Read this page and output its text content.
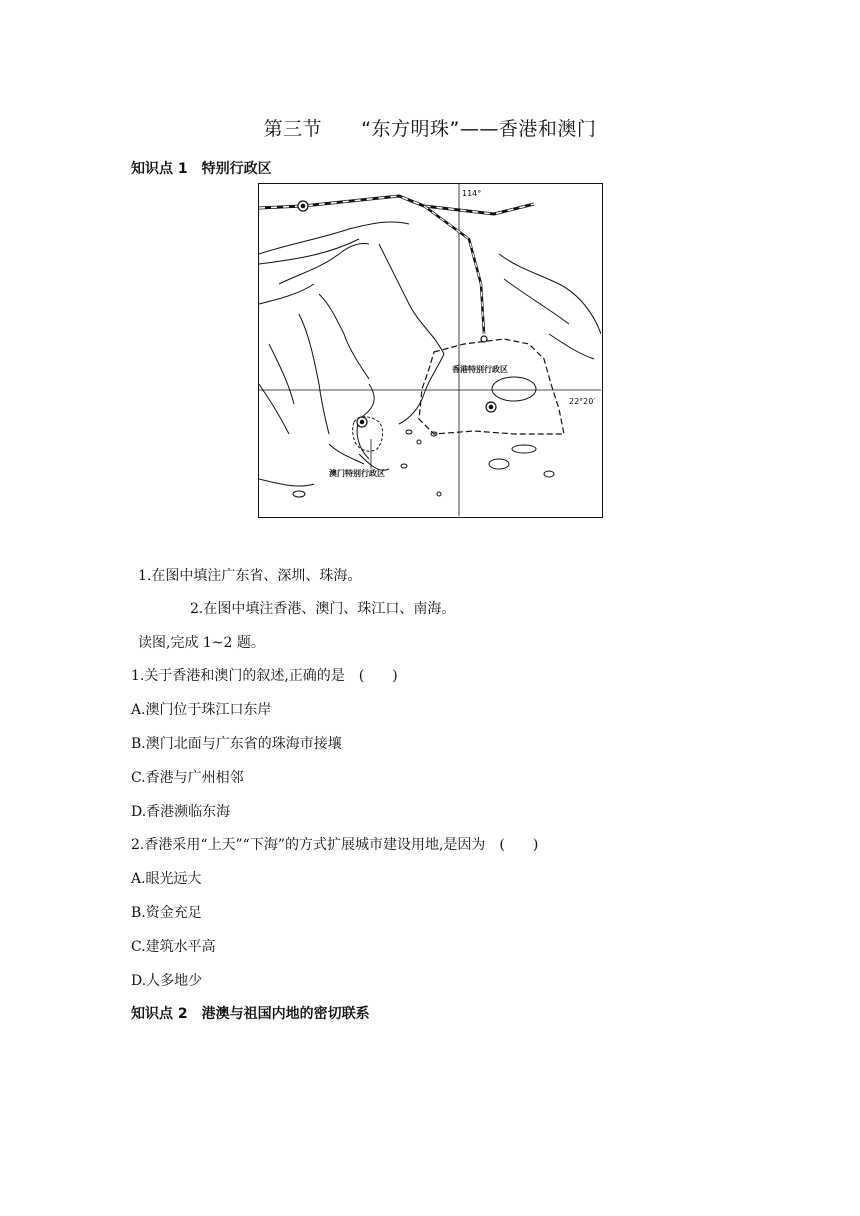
第三节　　“东方明珠”——香港和澳门
知识点 1　特别行政区
114°
22°20′
香港特别行政区
澳门特别行政区
1.在图中填注广东省、深圳、珠海。
2.在图中填注香港、澳门、珠江口、南海。
读图,完成 1~2 题。
1.关于香港和澳门的叙述,正确的是　(　　)
A.澳门位于珠江口东岸
B.澳门北面与广东省的珠海市接壤
C.香港与广州相邻
D.香港濒临东海
2.香港采用“上天”“下海”的方式扩展城市建设用地,是因为　(　　)
A.眼光远大
B.资金充足
C.建筑水平高
D.人多地少
知识点 2　港澳与祖国内地的密切联系
